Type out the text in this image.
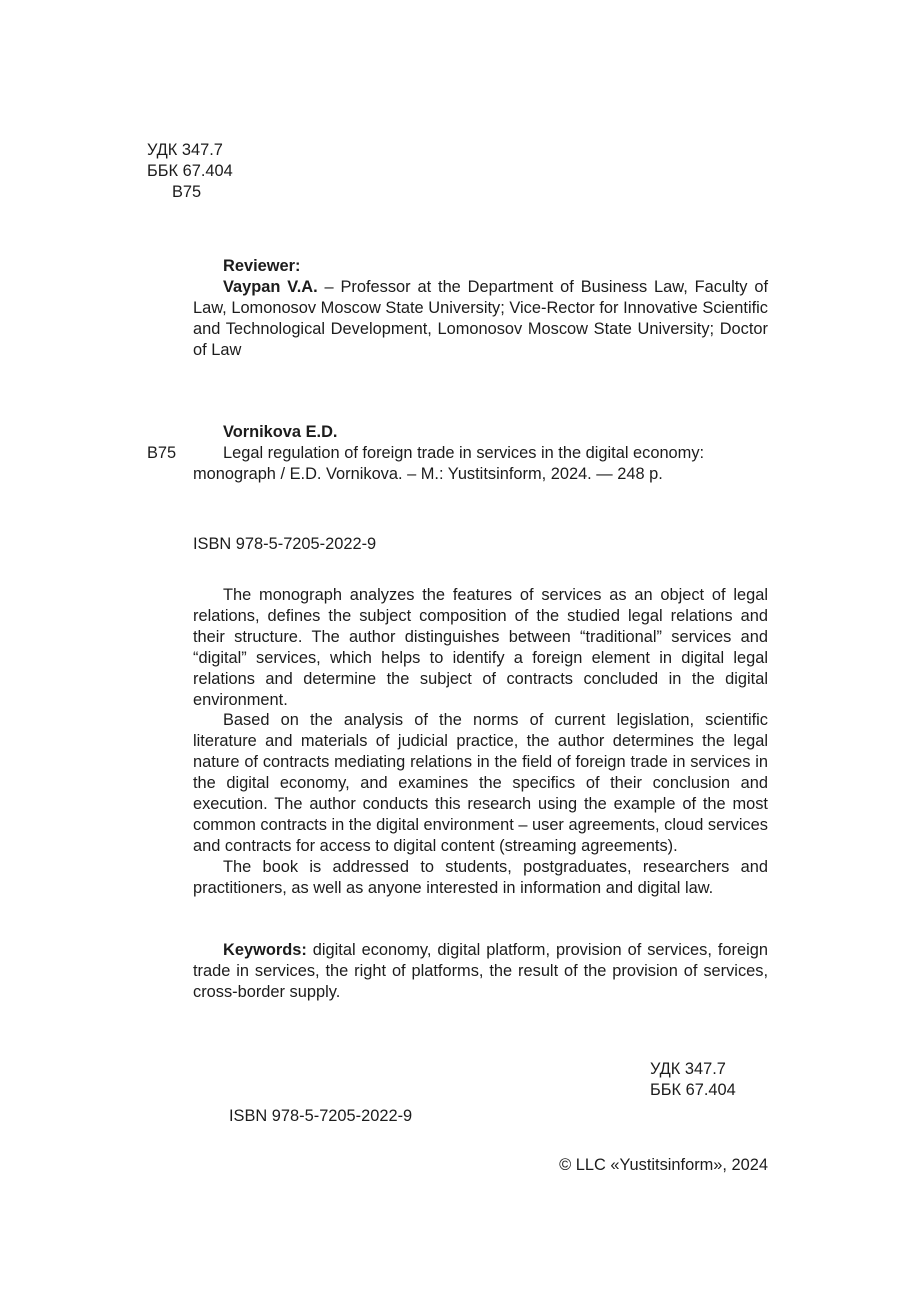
УДК 347.7
ББК 67.404
В75

Reviewer:

Vaypan V.A. – Professor at the Department of Business Law, Faculty of Law, Lomonosov Moscow State University; Vice-Rector for Innovative Scientific and Technological Development, Lomonosov Moscow State University; Doctor of Law

Vornikova E.D.

В75	Legal regulation of foreign trade in services in the digital economy:

monograph / E.D. Vornikova. – M.: Yustitsinform, 2024. — 248 p.

ISBN 978-5-7205-2022-9

The monograph analyzes the features of services as an object of legal relations, defines the subject composition of the studied legal relations and their structure. The author distinguishes between “traditional” services and “digital” services, which helps to identify a foreign element in digital legal relations and determine the subject of contracts concluded in the digital environment.

Based on the analysis of the norms of current legislation, scientific literature and materials of judicial practice, the author determines the legal nature of contracts mediating relations in the field of foreign trade in services in the digital economy, and examines the specifics of their conclusion and execution. The author conducts this research using the example of the most common contracts in the digital environment – user agreements, cloud services and contracts for access to digital content (streaming agreements).

The book is addressed to students, postgraduates, researchers and practitioners, as well as anyone interested in information and digital law.

Keywords: digital economy, digital platform, provision of services, foreign trade in services, the right of platforms, the result of the provision of services, cross-border supply.

УДК 347.7
ББК 67.404
ISBN 978-5-7205-2022-9
© LLC «Yustitsinform», 2024
